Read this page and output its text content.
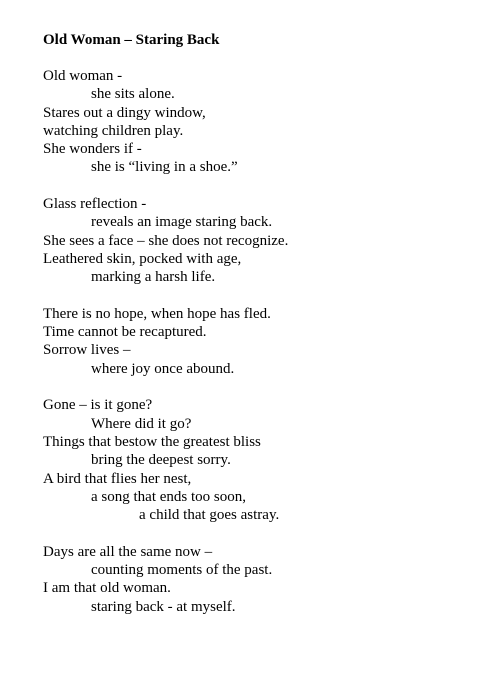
Old Woman – Staring Back
Old woman -
she sits alone.
Stares out a dingy window,
watching children play.
She wonders if -
she is “living in a shoe.”
Glass reflection -
reveals an image staring back.
She sees a face – she does not recognize.
Leathered skin, pocked with age,
marking a harsh life.
There is no hope, when hope has fled.
Time cannot be recaptured.
Sorrow lives –
where joy once abound.
Gone – is it gone?
Where did it go?
Things that bestow the greatest bliss
bring the deepest sorry.
A bird that flies her nest,
a song that ends too soon,
a child that goes astray.
Days are all the same now –
counting moments of the past.
I am that old woman.
staring back - at myself.
